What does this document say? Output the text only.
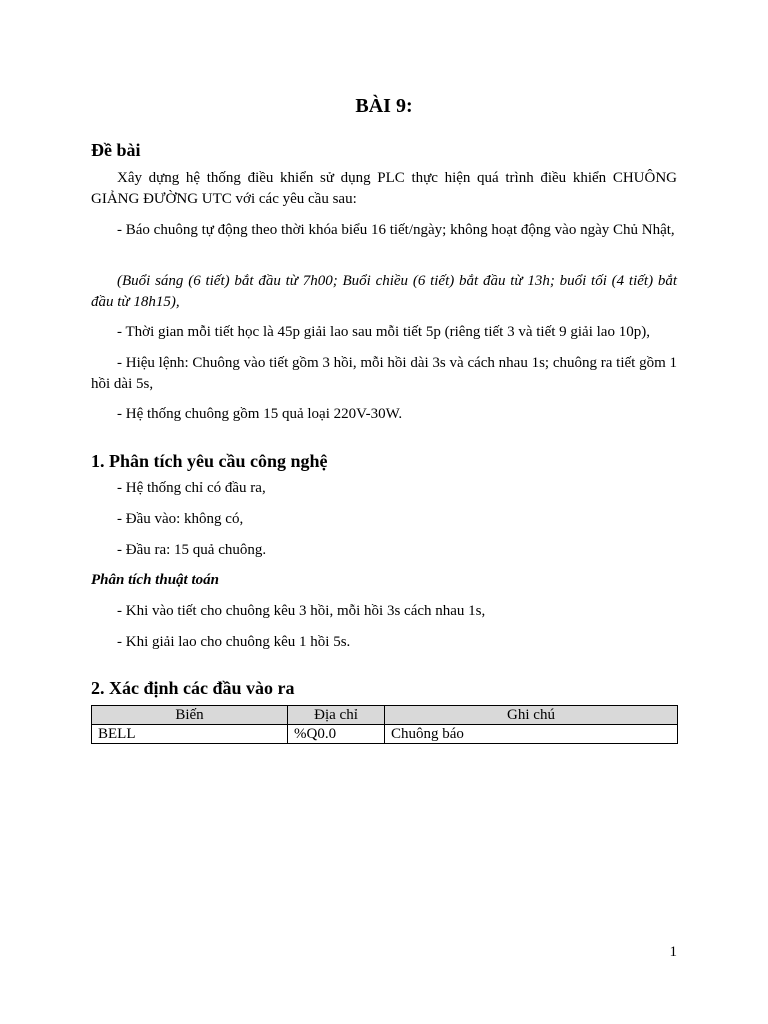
BÀI 9:
Đề bài
Xây dựng hệ thống điều khiển sử dụng PLC thực hiện quá trình điều khiển CHUÔNG GIẢNG ĐƯỜNG UTC với các yêu cầu sau:
- Báo chuông tự động theo thời khóa biểu 16 tiết/ngày; không hoạt động vào ngày Chủ Nhật,
(Buổi sáng (6 tiết) bắt đầu từ 7h00; Buổi chiều (6 tiết) bắt đầu từ 13h; buổi tối (4 tiết) bắt đầu từ 18h15),
- Thời gian mỗi tiết học là 45p giải lao sau mỗi tiết 5p (riêng tiết 3 và tiết 9 giải lao 10p),
- Hiệu lệnh: Chuông vào tiết gồm 3 hồi, mỗi hồi dài 3s và cách nhau 1s; chuông ra tiết gồm 1 hồi dài 5s,
- Hệ thống chuông gồm 15 quả loại 220V-30W.
1. Phân tích yêu cầu công nghệ
- Hệ thống chỉ có đầu ra,
- Đầu vào: không có,
- Đầu ra: 15 quả chuông.
Phân tích thuật toán
- Khi vào tiết cho chuông kêu 3 hồi, mỗi hồi 3s cách nhau 1s,
- Khi giải lao cho chuông kêu 1 hồi 5s.
2. Xác định các đầu vào ra
Biến	Địa chỉ	Ghi chú
BELL	%Q0.0	Chuông báo
1
